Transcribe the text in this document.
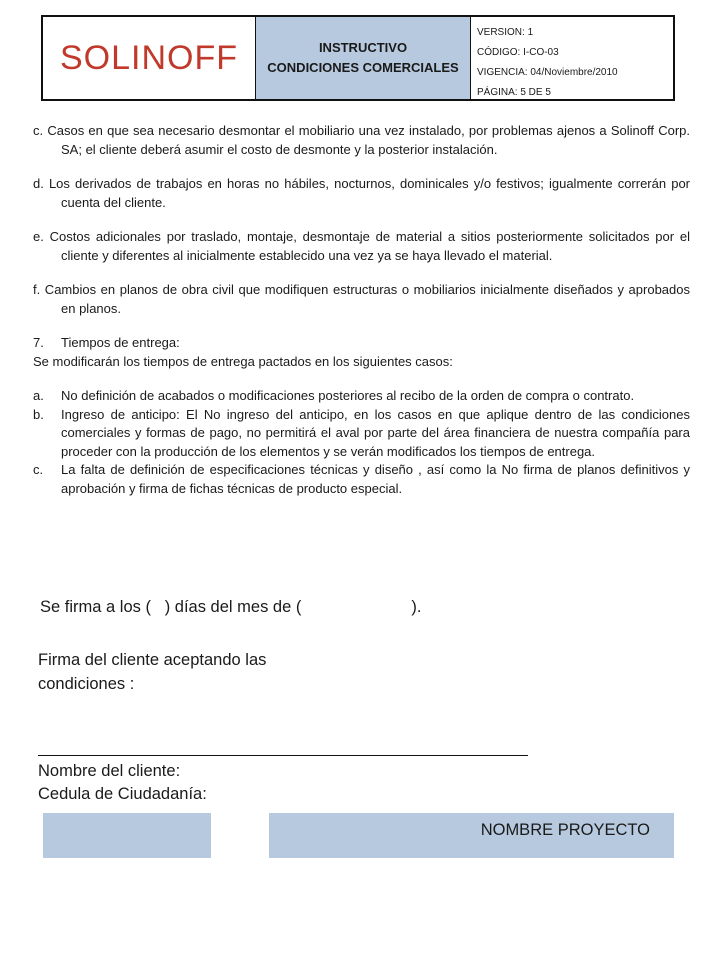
SOLINOFF	INSTRUCTIVO
CONDICIONES COMERCIALES
VERSION: 1
CÓDIGO: I-CO-03
VIGENCIA: 04/Noviembre/2010
PÁGINA: 5 DE 5

c. Casos en que sea necesario desmontar el mobiliario una vez instalado, por problemas ajenos a Solinoff Corp. SA; el cliente deberá asumir el costo de desmonte y la posterior instalación.

d. Los derivados de trabajos en horas no hábiles, nocturnos, dominicales y/o festivos; igualmente correrán por cuenta del cliente.

e. Costos adicionales por traslado, montaje, desmontaje de material a sitios posteriormente solicitados por el cliente y diferentes al inicialmente establecido una vez ya se haya llevado el material.

f. Cambios en planos de obra civil que modifiquen estructuras o mobiliarios inicialmente diseñados y aprobados en planos.

7. Tiempos de entrega:

Se modificarán los tiempos de entrega pactados en los siguientes casos:

a.	No definición de acabados o modificaciones posteriores al recibo de la orden de compra o contrato.
b.	Ingreso de anticipo: El No ingreso del anticipo, en los casos en que aplique dentro de las condiciones comerciales y formas de pago, no permitirá el aval por parte del área financiera de nuestra compañía para proceder con la producción de los elementos y se verán modificados los tiempos de entrega.
c.	La falta de definición de especificaciones técnicas y diseño , así como la No firma de planos definitivos y aprobación y firma de fichas técnicas de producto especial.
Se firma a los (   ) días del mes de (                        ).
Firma del cliente aceptando las
condiciones :
Nombre del cliente:
Cedula de Ciudadanía:
NOMBRE PROYECTO
